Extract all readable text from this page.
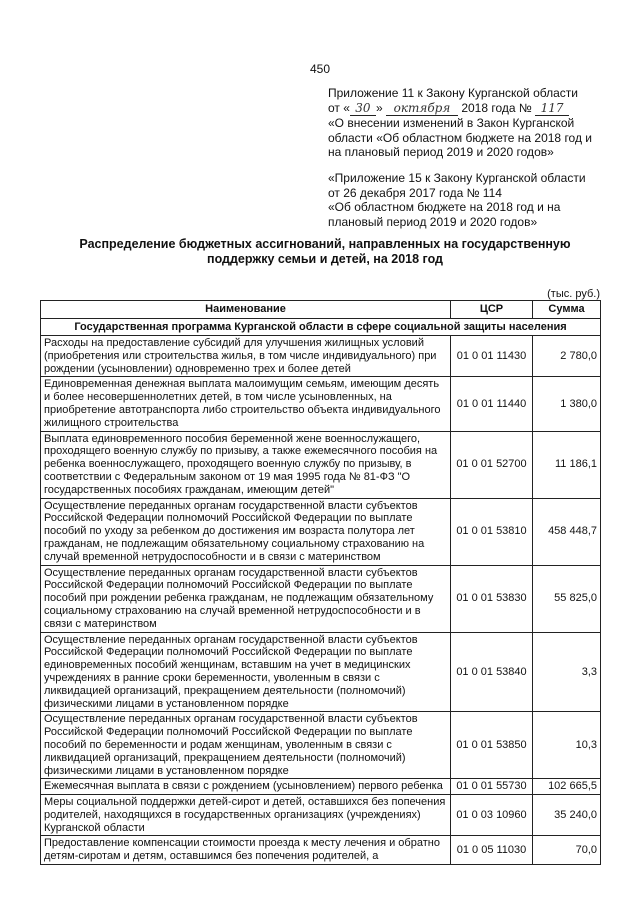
450
Приложение 11 к Закону Курганской области
от « 30 » октября 2018 года № 117
«О внесении изменений в Закон Курганской
области «Об областном бюджете на 2018 год и
на плановый период 2019 и 2020 годов»
«Приложение 15 к Закону Курганской области
от 26 декабря 2017 года № 114
«Об областном бюджете на 2018 год и на
плановый период 2019 и 2020 годов»
Распределение бюджетных ассигнований, направленных на государственную
поддержку семьи и детей, на 2018 год
(тыс. руб.)
Наименование	ЦСР	Сумма
Государственная программа Курганской области в сфере социальной защиты населения		
Расходы на предоставление субсидий для улучшения жилищных условий (приобретения или строительства жилья, в том числе индивидуального) при рождении (усыновлении) одновременно трех и более детей	01 0 01 11430	2 780,0
Единовременная денежная выплата малоимущим семьям, имеющим десять и более несовершеннолетних детей, в том числе усыновленных, на приобретение автотранспорта либо строительство объекта индивидуального жилищного строительства	01 0 01 11440	1 380,0
Выплата единовременного пособия беременной жене военнослужащего, проходящего военную службу по призыву, а также ежемесячного пособия на ребенка военнослужащего, проходящего военную службу по призыву, в соответствии с Федеральным законом от 19 мая 1995 года № 81-ФЗ "О государственных пособиях гражданам, имеющим детей"	01 0 01 52700	11 186,1
Осуществление переданных органам государственной власти субъектов Российской Федерации полномочий Российской Федерации по выплате пособий по уходу за ребенком до достижения им возраста полутора лет гражданам, не подлежащим обязательному социальному страхованию на случай временной нетрудоспособности и в связи с материнством	01 0 01 53810	458 448,7
Осуществление переданных органам государственной власти субъектов Российской Федерации полномочий Российской Федерации по выплате пособий при рождении ребенка гражданам, не подлежащим обязательному социальному страхованию на случай временной нетрудоспособности и в связи с материнством	01 0 01 53830	55 825,0
Осуществление переданных органам государственной власти субъектов Российской Федерации полномочий Российской Федерации по выплате единовременных пособий женщинам, вставшим на учет в медицинских учреждениях в ранние сроки беременности, уволенным в связи с ликвидацией организаций, прекращением деятельности (полномочий) физическими лицами в установленном порядке	01 0 01 53840	3,3
Осуществление переданных органам государственной власти субъектов Российской Федерации полномочий Российской Федерации по выплате пособий по беременности и родам женщинам, уволенным в связи с ликвидацией организаций, прекращением деятельности (полномочий) физическими лицами в установленном порядке	01 0 01 53850	10,3
Ежемесячная выплата в связи с рождением (усыновлением) первого ребенка	01 0 01 55730	102 665,5
Меры социальной поддержки детей-сирот и детей, оставшихся без попечения родителей, находящихся в государственных организациях (учреждениях) Курганской области	01 0 03 10960	35 240,0
Предоставление компенсации стоимости проезда к месту лечения и обратно детям-сиротам и детям, оставшимся без попечения родителей, а	01 0 05 11030	70,0
